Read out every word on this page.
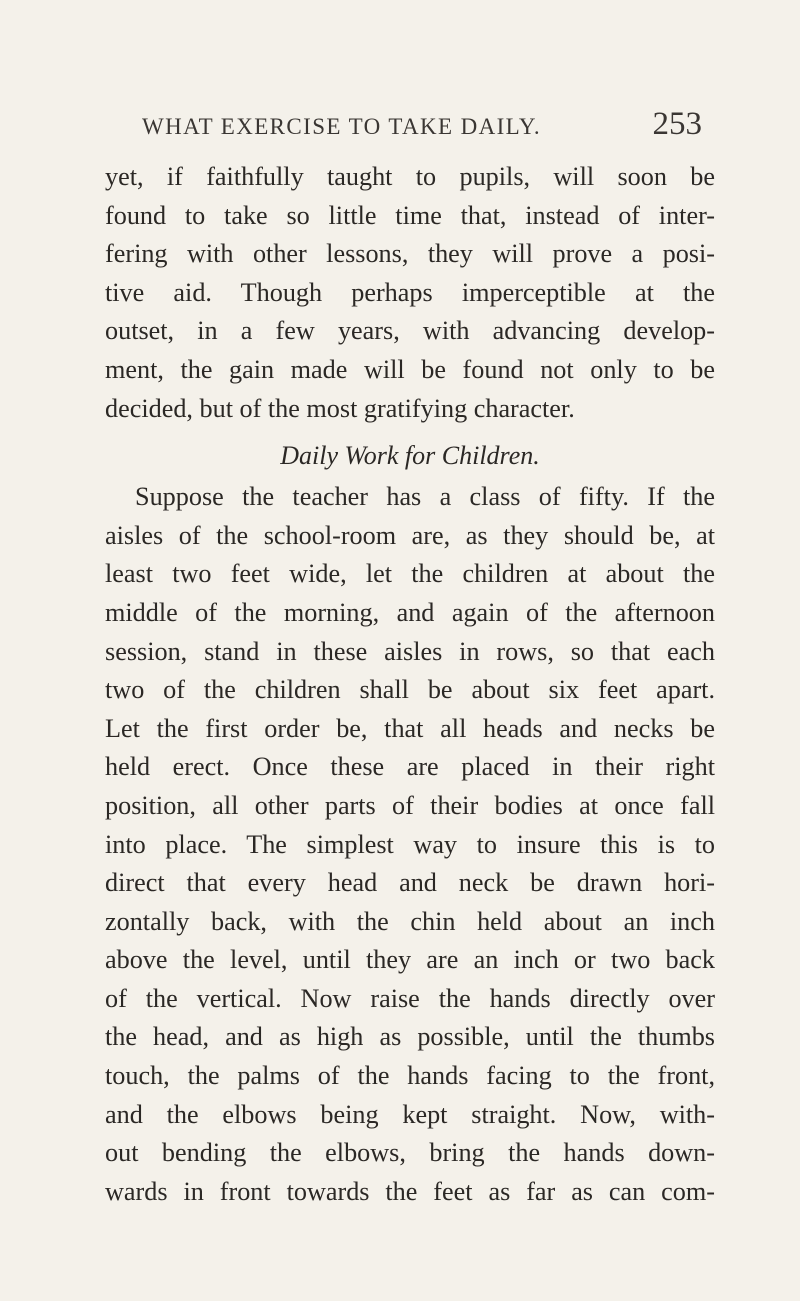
WHAT EXERCISE TO TAKE DAILY.	253
yet, if faithfully taught to pupils, will soon be
found to take so little time that, instead of inter-
fering with other lessons, they will prove a posi-
tive aid. Though perhaps imperceptible at the
outset, in a few years, with advancing develop-
ment, the gain made will be found not only to be
decided, but of the most gratifying character.
Daily Work for Children.
Suppose the teacher has a class of fifty. If the
aisles of the school-room are, as they should be, at
least two feet wide, let the children at about the
middle of the morning, and again of the afternoon
session, stand in these aisles in rows, so that each
two of the children shall be about six feet apart.
Let the first order be, that all heads and necks be
held erect. Once these are placed in their right
position, all other parts of their bodies at once fall
into place. The simplest way to insure this is to
direct that every head and neck be drawn hori-
zontally back, with the chin held about an inch
above the level, until they are an inch or two back
of the vertical. Now raise the hands directly over
the head, and as high as possible, until the thumbs
touch, the palms of the hands facing to the front,
and the elbows being kept straight. Now, with-
out bending the elbows, bring the hands down-
wards in front towards the feet as far as can com-
